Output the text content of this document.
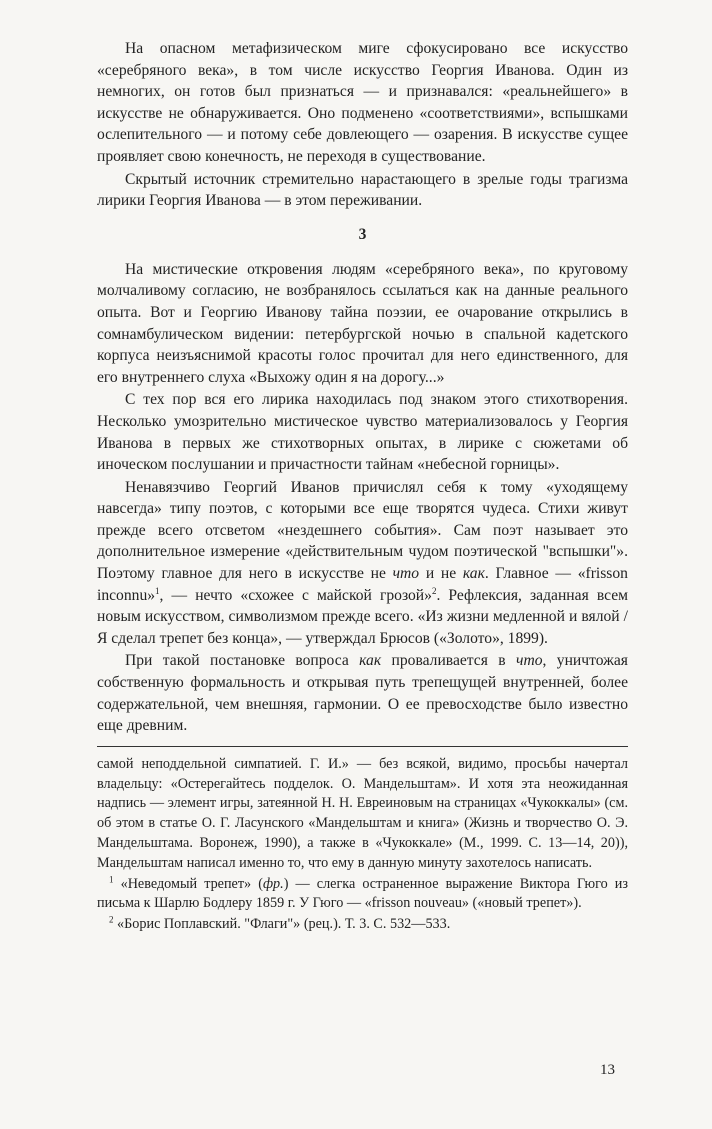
На опасном метафизическом миге сфокусировано все искусство «серебряного века», в том числе искусство Георгия Иванова. Один из немногих, он готов был признаться — и признавался: «реальнейшего» в искусстве не обнаруживается. Оно подменено «соответствиями», вспышками ослепительного — и потому себе довлеющего — озарения. В искусстве сущее проявляет свою конечность, не переходя в существование.

Скрытый источник стремительно нарастающего в зрелые годы трагизма лирики Георгия Иванова — в этом переживании.

3

На мистические откровения людям «серебряного века», по круговому молчаливому согласию, не возбранялось ссылаться как на данные реального опыта. Вот и Георгию Иванову тайна поэзии, ее очарование открылись в сомнамбулическом видении: петербургской ночью в спальной кадетского корпуса неизъяснимой красоты голос прочитал для него единственного, для его внутреннего слуха «Выхожу один я на дорогу...»

С тех пор вся его лирика находилась под знаком этого стихотворения. Несколько умозрительно мистическое чувство материализовалось у Георгия Иванова в первых же стихотворных опытах, в лирике с сюжетами об иноческом послушании и причастности тайнам «небесной горницы».

Ненавязчиво Георгий Иванов причислял себя к тому «уходящему навсегда» типу поэтов, с которыми все еще творятся чудеса. Стихи живут прежде всего отсветом «нездешнего события». Сам поэт называет это дополнительное измерение «действительным чудом поэтической "вспышки"». Поэтому главное для него в искусстве не что и не как. Главное — «frisson inconnu»$^1$, — нечто «схожее с майской грозой»$^2$. Рефлексия, заданная всем новым искусством, символизмом прежде всего. «Из жизни медленной и вялой / Я сделал трепет без конца», — утверждал Брюсов («Золото», 1899).

При такой постановке вопроса как проваливается в что, уничтожая собственную формальность и открывая путь трепещущей внутренней, более содержательной, чем внешняя, гармонии. О ее превосходстве было известно еще древним.

самой неподдельной симпатией. Г. И.» — без всякой, видимо, просьбы начертал владельцу: «Остерегайтесь подделок. О. Мандельштам». И хотя эта неожиданная надпись — элемент игры, затеянной Н. Н. Евреиновым на страницах «Чукоккалы» (см. об этом в статье О. Г. Ласунского «Мандельштам и книга» (Жизнь и творчество О. Э. Мандельштама. Воронеж, 1990), а также в «Чукоккале» (М., 1999. С. 13—14, 20)), Мандельштам написал именно то, что ему в данную минуту захотелось написать.

$^1$ «Неведомый трепет» (фр.) — слегка остраненное выражение Виктора Гюго из письма к Шарлю Бодлеру 1859 г. У Гюго — «frisson nouveau» («новый трепет»).

$^2$ «Борис Поплавский. "Флаги"» (рец.). Т. 3. С. 532—533.

13
